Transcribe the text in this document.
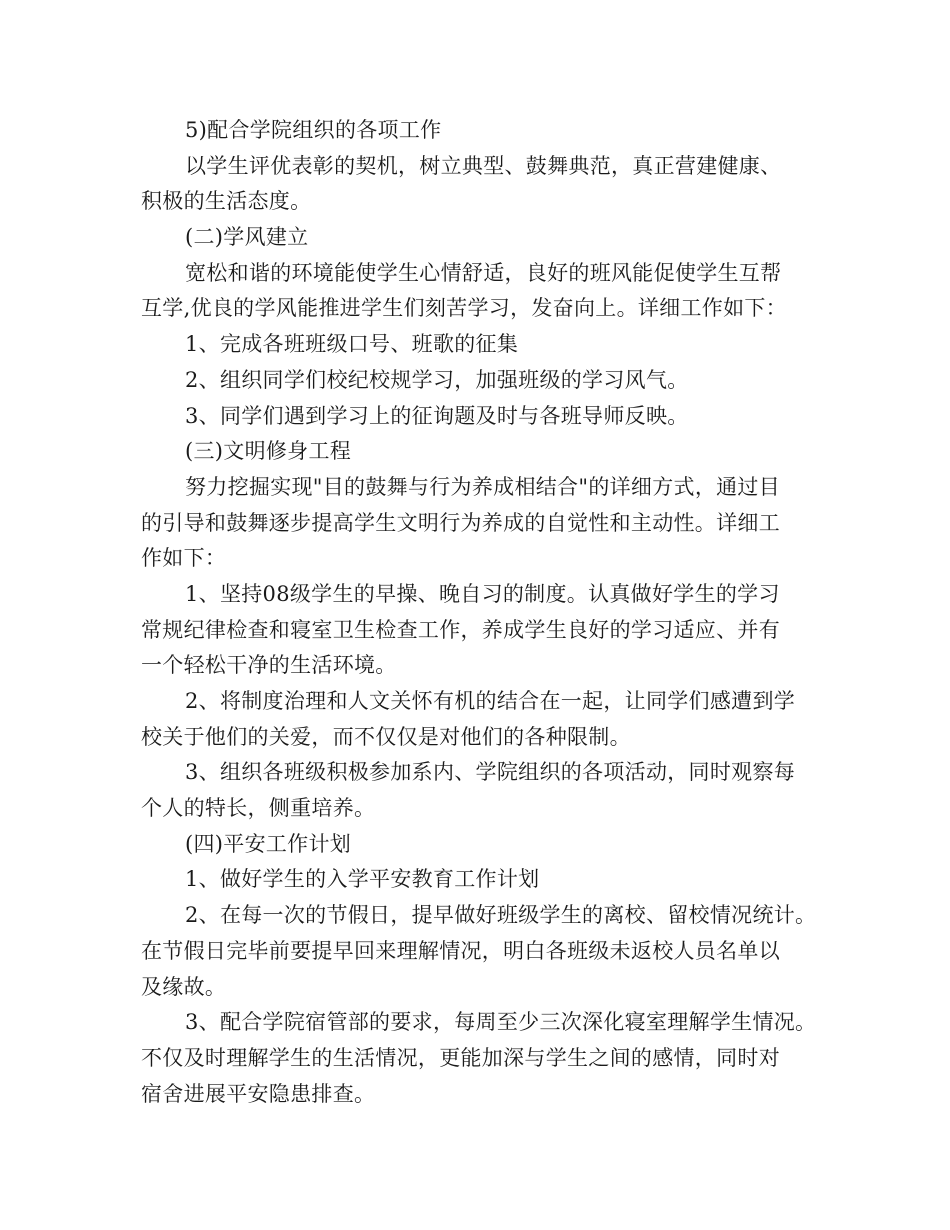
5)配合学院组织的各项工作
以学生评优表彰的契机，树立典型、鼓舞典范，真正营建健康、
积极的生活态度。
(二)学风建立
宽松和谐的环境能使学生心情舒适，良好的班风能促使学生互帮
互学,优良的学风能推进学生们刻苦学习，发奋向上。详细工作如下：
1、完成各班班级口号、班歌的征集
2、组织同学们校纪校规学习，加强班级的学习风气。
3、同学们遇到学习上的征询题及时与各班导师反映。
(三)文明修身工程
努力挖掘实现"目的鼓舞与行为养成相结合"的详细方式，通过目
的引导和鼓舞逐步提高学生文明行为养成的自觉性和主动性。详细工
作如下：
1、坚持08级学生的早操、晚自习的制度。认真做好学生的学习
常规纪律检查和寝室卫生检查工作，养成学生良好的学习适应、并有
一个轻松干净的生活环境。
2、将制度治理和人文关怀有机的结合在一起，让同学们感遭到学
校关于他们的关爱，而不仅仅是对他们的各种限制。
3、组织各班级积极参加系内、学院组织的各项活动，同时观察每
个人的特长，侧重培养。
(四)平安工作计划
1、做好学生的入学平安教育工作计划
2、在每一次的节假日，提早做好班级学生的离校、留校情况统计。
在节假日完毕前要提早回来理解情况，明白各班级未返校人员名单以
及缘故。
3、配合学院宿管部的要求，每周至少三次深化寝室理解学生情况。
不仅及时理解学生的生活情况，更能加深与学生之间的感情，同时对
宿舍进展平安隐患排查。
